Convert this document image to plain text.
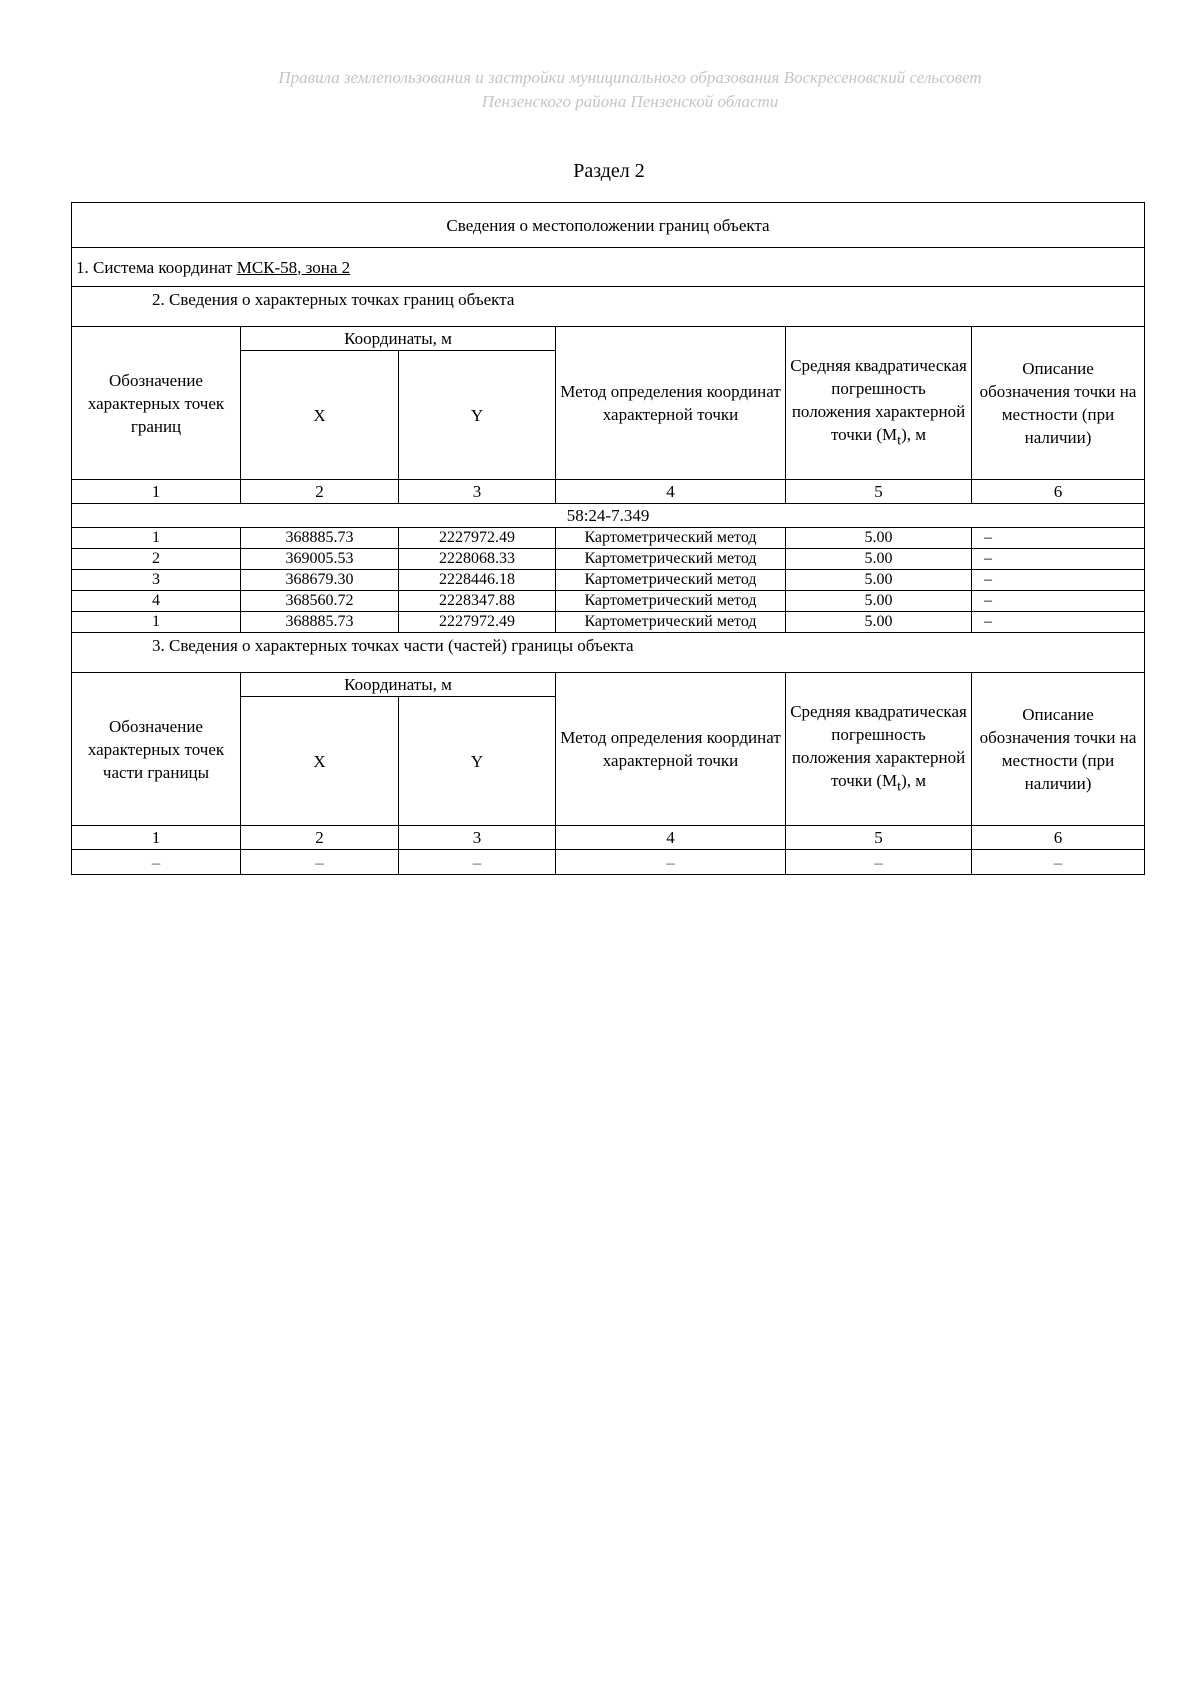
Правила землепользования и застройки муниципального образования Воскресеновский сельсовет
Пензенского района Пензенской области
Раздел 2
Сведения о местоположении границ объекта					
1. Система координат МСК-58, зона 2					
2. Сведения о характерных точках границ объекта					
Обозначение характерных точек границ	Координаты, м		Метод определения координат характерной точки	Средняя квадратическая погрешность положения характерной точки $(M_t)$, м	Описание обозначения точки на местности (при наличии)
	X	Y			
1	2	3	4	5	6
58:24-7.349					
1	368885.73	2227972.49	Картометрический метод	5.00	–
2	369005.53	2228068.33	Картометрический метод	5.00	–
3	368679.30	2228446.18	Картометрический метод	5.00	–
4	368560.72	2228347.88	Картометрический метод	5.00	–
1	368885.73	2227972.49	Картометрический метод	5.00	–
3. Сведения о характерных точках части (частей) границы объекта					
Обозначение характерных точек части границы	Координаты, м		Метод определения координат характерной точки	Средняя квадратическая погрешность положения характерной точки $(M_t)$, м	Описание обозначения точки на местности (при наличии)
	X	Y			
1	2	3	4	5	6
–	–	–	–	–	–
